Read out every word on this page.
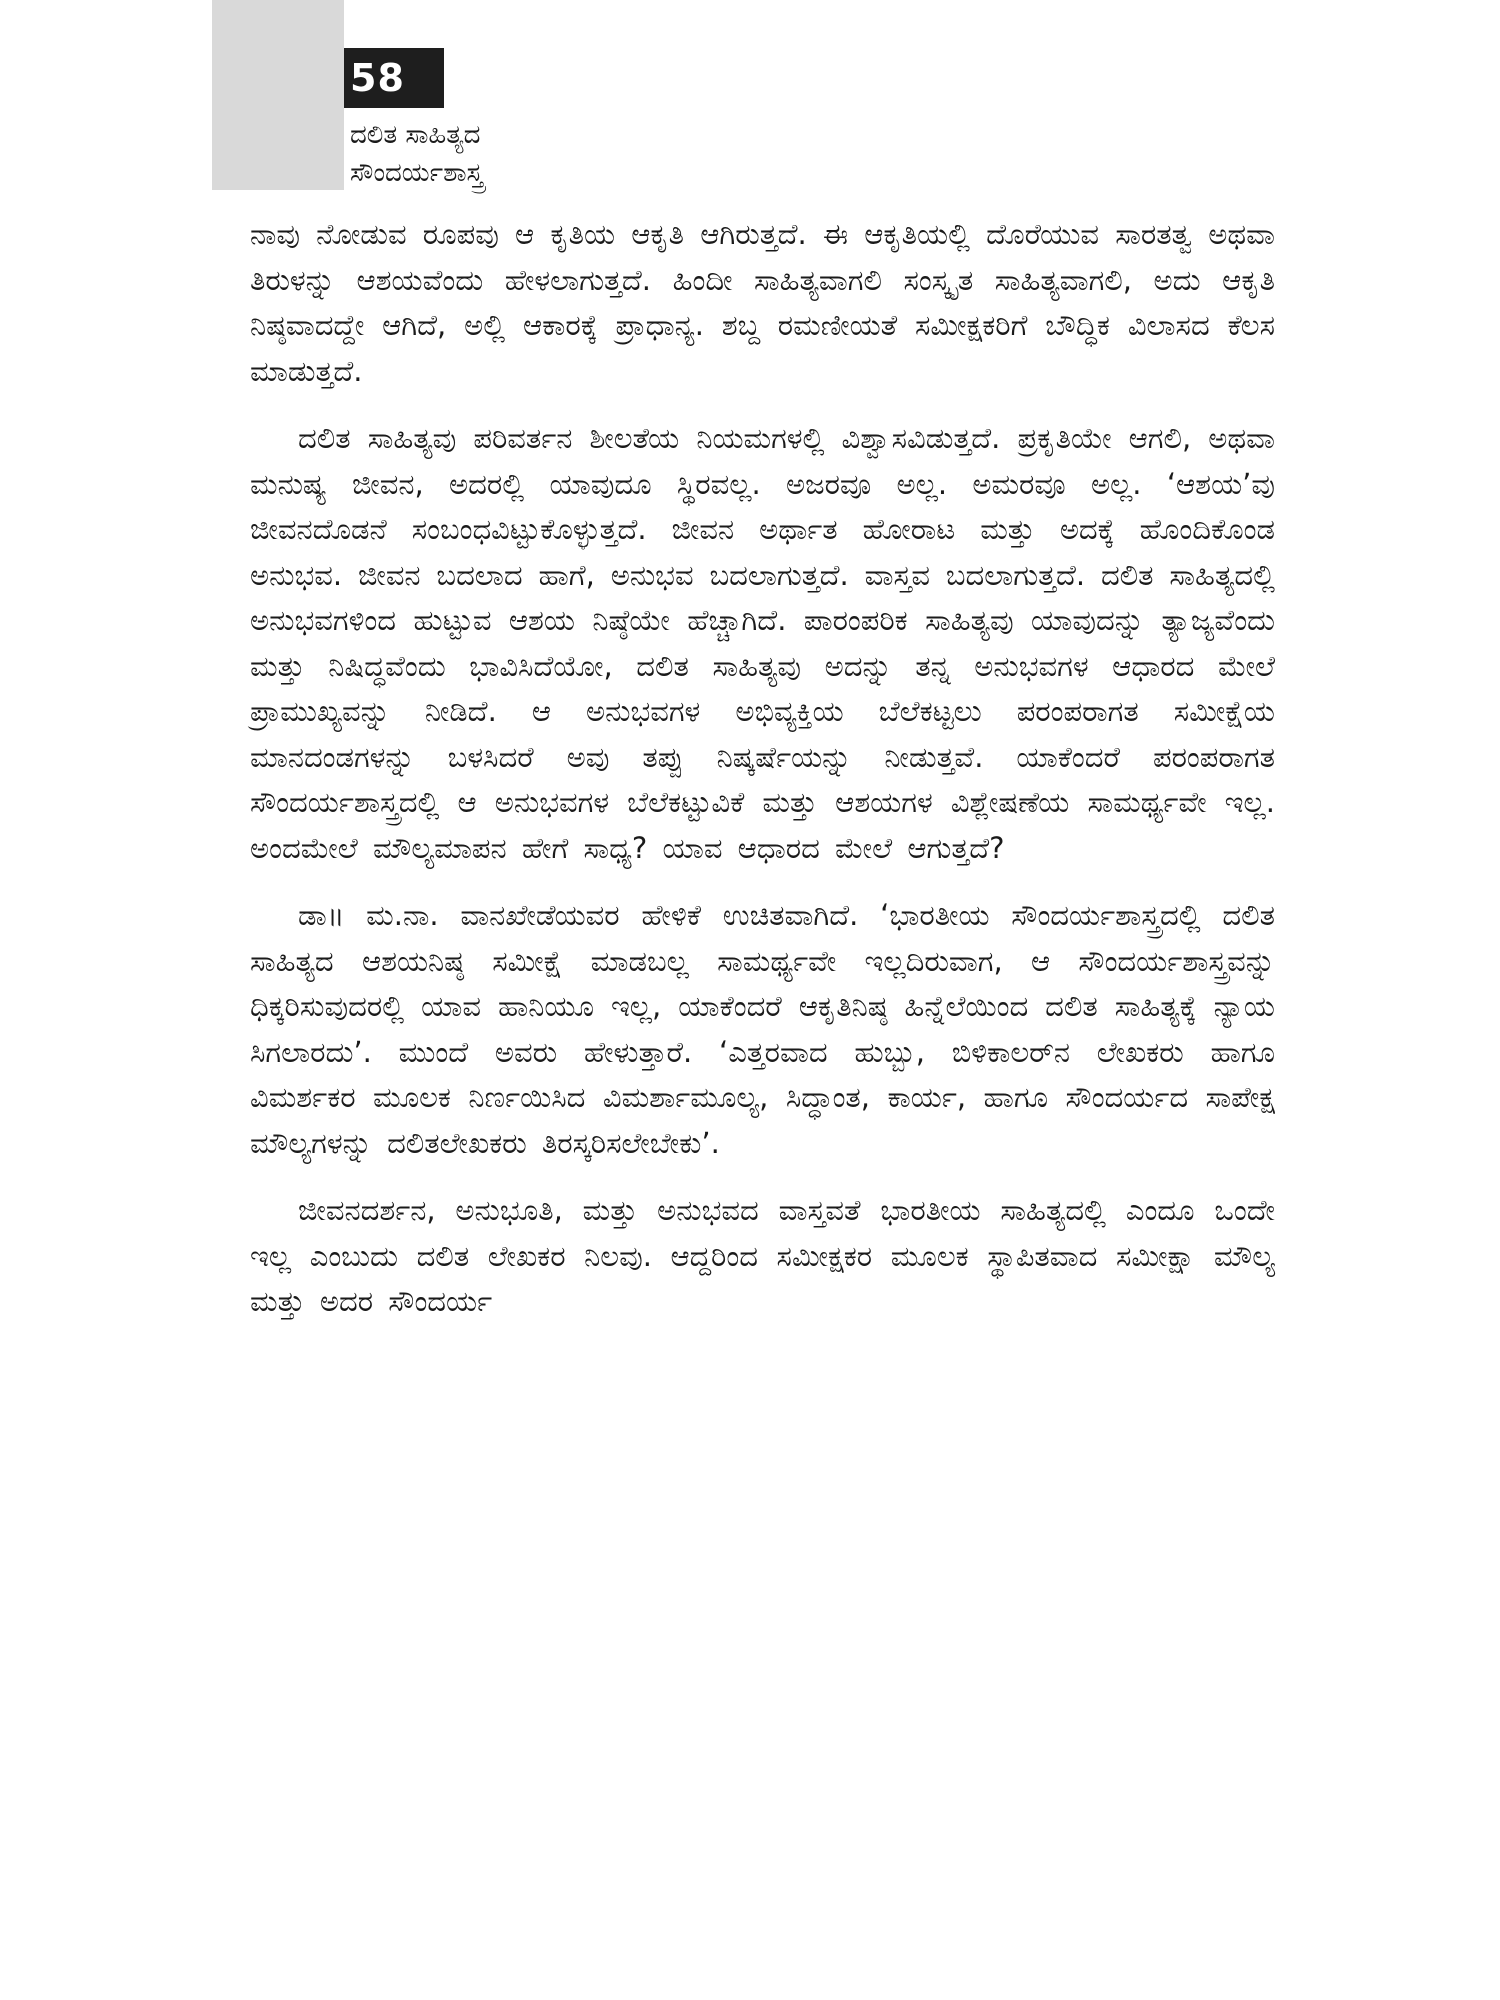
58
ದಲಿತ ಸಾಹಿತ್ಯದ
ಸೌಂದರ್ಯಶಾಸ್ತ್ರ

ನಾವು ನೋಡುವ ರೂಪವು ಆ ಕೃತಿಯ ಆಕೃತಿ ಆಗಿರುತ್ತದೆ. ಈ ಆಕೃತಿಯಲ್ಲಿ ದೊರೆಯುವ ಸಾರತತ್ವ ಅಥವಾ ತಿರುಳನ್ನು ಆಶಯವೆಂದು ಹೇಳಲಾಗುತ್ತದೆ. ಹಿಂದೀ ಸಾಹಿತ್ಯವಾಗಲಿ ಸಂಸ್ಕೃತ ಸಾಹಿತ್ಯವಾಗಲಿ, ಅದು ಆಕೃತಿ ನಿಷ್ಠವಾದದ್ದೇ ಆಗಿದೆ, ಅಲ್ಲಿ ಆಕಾರಕ್ಕೆ ಪ್ರಾಧಾನ್ಯ. ಶಬ್ದ ರಮಣೀಯತೆ ಸಮೀಕ್ಷಕರಿಗೆ ಬೌದ್ಧಿಕ ವಿಲಾಸದ ಕೆಲಸ ಮಾಡುತ್ತದೆ.

ದಲಿತ ಸಾಹಿತ್ಯವು ಪರಿವರ್ತನ ಶೀಲತೆಯ ನಿಯಮಗಳಲ್ಲಿ ವಿಶ್ವಾಸವಿಡುತ್ತದೆ. ಪ್ರಕೃತಿಯೇ ಆಗಲಿ, ಅಥವಾ ಮನುಷ್ಯ ಜೀವನ, ಅದರಲ್ಲಿ ಯಾವುದೂ ಸ್ಥಿರವಲ್ಲ. ಅಜರವೂ ಅಲ್ಲ. ಅಮರವೂ ಅಲ್ಲ. ‘ಆಶಯ’ವು ಜೀವನದೊಡನೆ ಸಂಬಂಧವಿಟ್ಟುಕೊಳ್ಳುತ್ತದೆ. ಜೀವನ ಅರ್ಥಾತ ಹೋರಾಟ ಮತ್ತು ಅದಕ್ಕೆ ಹೊಂದಿಕೊಂಡ ಅನುಭವ. ಜೀವನ ಬದಲಾದ ಹಾಗೆ, ಅನುಭವ ಬದಲಾಗುತ್ತದೆ. ವಾಸ್ತವ ಬದಲಾಗುತ್ತದೆ. ದಲಿತ ಸಾಹಿತ್ಯದಲ್ಲಿ ಅನುಭವಗಳಿಂದ ಹುಟ್ಟುವ ಆಶಯ ನಿಷ್ಠೆಯೇ ಹೆಚ್ಚಾಗಿದೆ. ಪಾರಂಪರಿಕ ಸಾಹಿತ್ಯವು ಯಾವುದನ್ನು ತ್ಯಾಜ್ಯವೆಂದು ಮತ್ತು ನಿಷಿದ್ಧವೆಂದು ಭಾವಿಸಿದೆಯೋ, ದಲಿತ ಸಾಹಿತ್ಯವು ಅದನ್ನು ತನ್ನ ಅನುಭವಗಳ ಆಧಾರದ ಮೇಲೆ ಪ್ರಾಮುಖ್ಯವನ್ನು ನೀಡಿದೆ. ಆ ಅನುಭವಗಳ ಅಭಿವ್ಯಕ್ತಿಯ ಬೆಲೆಕಟ್ಟಲು ಪರಂಪರಾಗತ ಸಮೀಕ್ಷೆಯ ಮಾನದಂಡಗಳನ್ನು ಬಳಸಿದರೆ ಅವು ತಪ್ಪು ನಿಷ್ಕರ್ಷೆಯನ್ನು ನೀಡುತ್ತವೆ. ಯಾಕೆಂದರೆ ಪರಂಪರಾಗತ ಸೌಂದರ್ಯಶಾಸ್ತ್ರದಲ್ಲಿ ಆ ಅನುಭವಗಳ ಬೆಲೆಕಟ್ಟುವಿಕೆ ಮತ್ತು ಆಶಯಗಳ ವಿಶ್ಲೇಷಣೆಯ ಸಾಮರ್ಥ್ಯವೇ ಇಲ್ಲ. ಅಂದಮೇಲೆ ಮೌಲ್ಯಮಾಪನ ಹೇಗೆ ಸಾಧ್ಯ? ಯಾವ ಆಧಾರದ ಮೇಲೆ ಆಗುತ್ತದೆ?

ಡಾ॥ ಮ.ನಾ. ವಾನಖೇಡೆಯವರ ಹೇಳಿಕೆ ಉಚಿತವಾಗಿದೆ. ‘ಭಾರತೀಯ ಸೌಂದರ್ಯಶಾಸ್ತ್ರದಲ್ಲಿ ದಲಿತ ಸಾಹಿತ್ಯದ ಆಶಯನಿಷ್ಠ ಸಮೀಕ್ಷೆ ಮಾಡಬಲ್ಲ ಸಾಮರ್ಥ್ಯವೇ ಇಲ್ಲದಿರುವಾಗ, ಆ ಸೌಂದರ್ಯಶಾಸ್ತ್ರವನ್ನು ಧಿಕ್ಕರಿಸುವುದರಲ್ಲಿ ಯಾವ ಹಾನಿಯೂ ಇಲ್ಲ, ಯಾಕೆಂದರೆ ಆಕೃತಿನಿಷ್ಠ ಹಿನ್ನೆಲೆಯಿಂದ ದಲಿತ ಸಾಹಿತ್ಯಕ್ಕೆ ನ್ಯಾಯ ಸಿಗಲಾರದು’. ಮುಂದೆ ಅವರು ಹೇಳುತ್ತಾರೆ. ‘ಎತ್ತರವಾದ ಹುಬ್ಬು, ಬಿಳಿಕಾಲರ್‌ನ ಲೇಖಕರು ಹಾಗೂ ವಿಮರ್ಶಕರ ಮೂಲಕ ನಿರ್ಣಯಿಸಿದ ವಿಮರ್ಶಾಮೂಲ್ಯ, ಸಿದ್ಧಾಂತ, ಕಾರ್ಯ, ಹಾಗೂ ಸೌಂದರ್ಯದ ಸಾಪೇಕ್ಷ ಮೌಲ್ಯಗಳನ್ನು ದಲಿತಲೇಖಕರು ತಿರಸ್ಕರಿಸಲೇಬೇಕು’.

ಜೀವನದರ್ಶನ, ಅನುಭೂತಿ, ಮತ್ತು ಅನುಭವದ ವಾಸ್ತವತೆ ಭಾರತೀಯ ಸಾಹಿತ್ಯದಲ್ಲಿ ಎಂದೂ ಒಂದೇ ಇಲ್ಲ ಎಂಬುದು ದಲಿತ ಲೇಖಕರ ನಿಲವು. ಆದ್ದರಿಂದ ಸಮೀಕ್ಷಕರ ಮೂಲಕ ಸ್ಥಾಪಿತವಾದ ಸಮೀಕ್ಷಾ ಮೌಲ್ಯ ಮತ್ತು ಅದರ ಸೌಂದರ್ಯ
